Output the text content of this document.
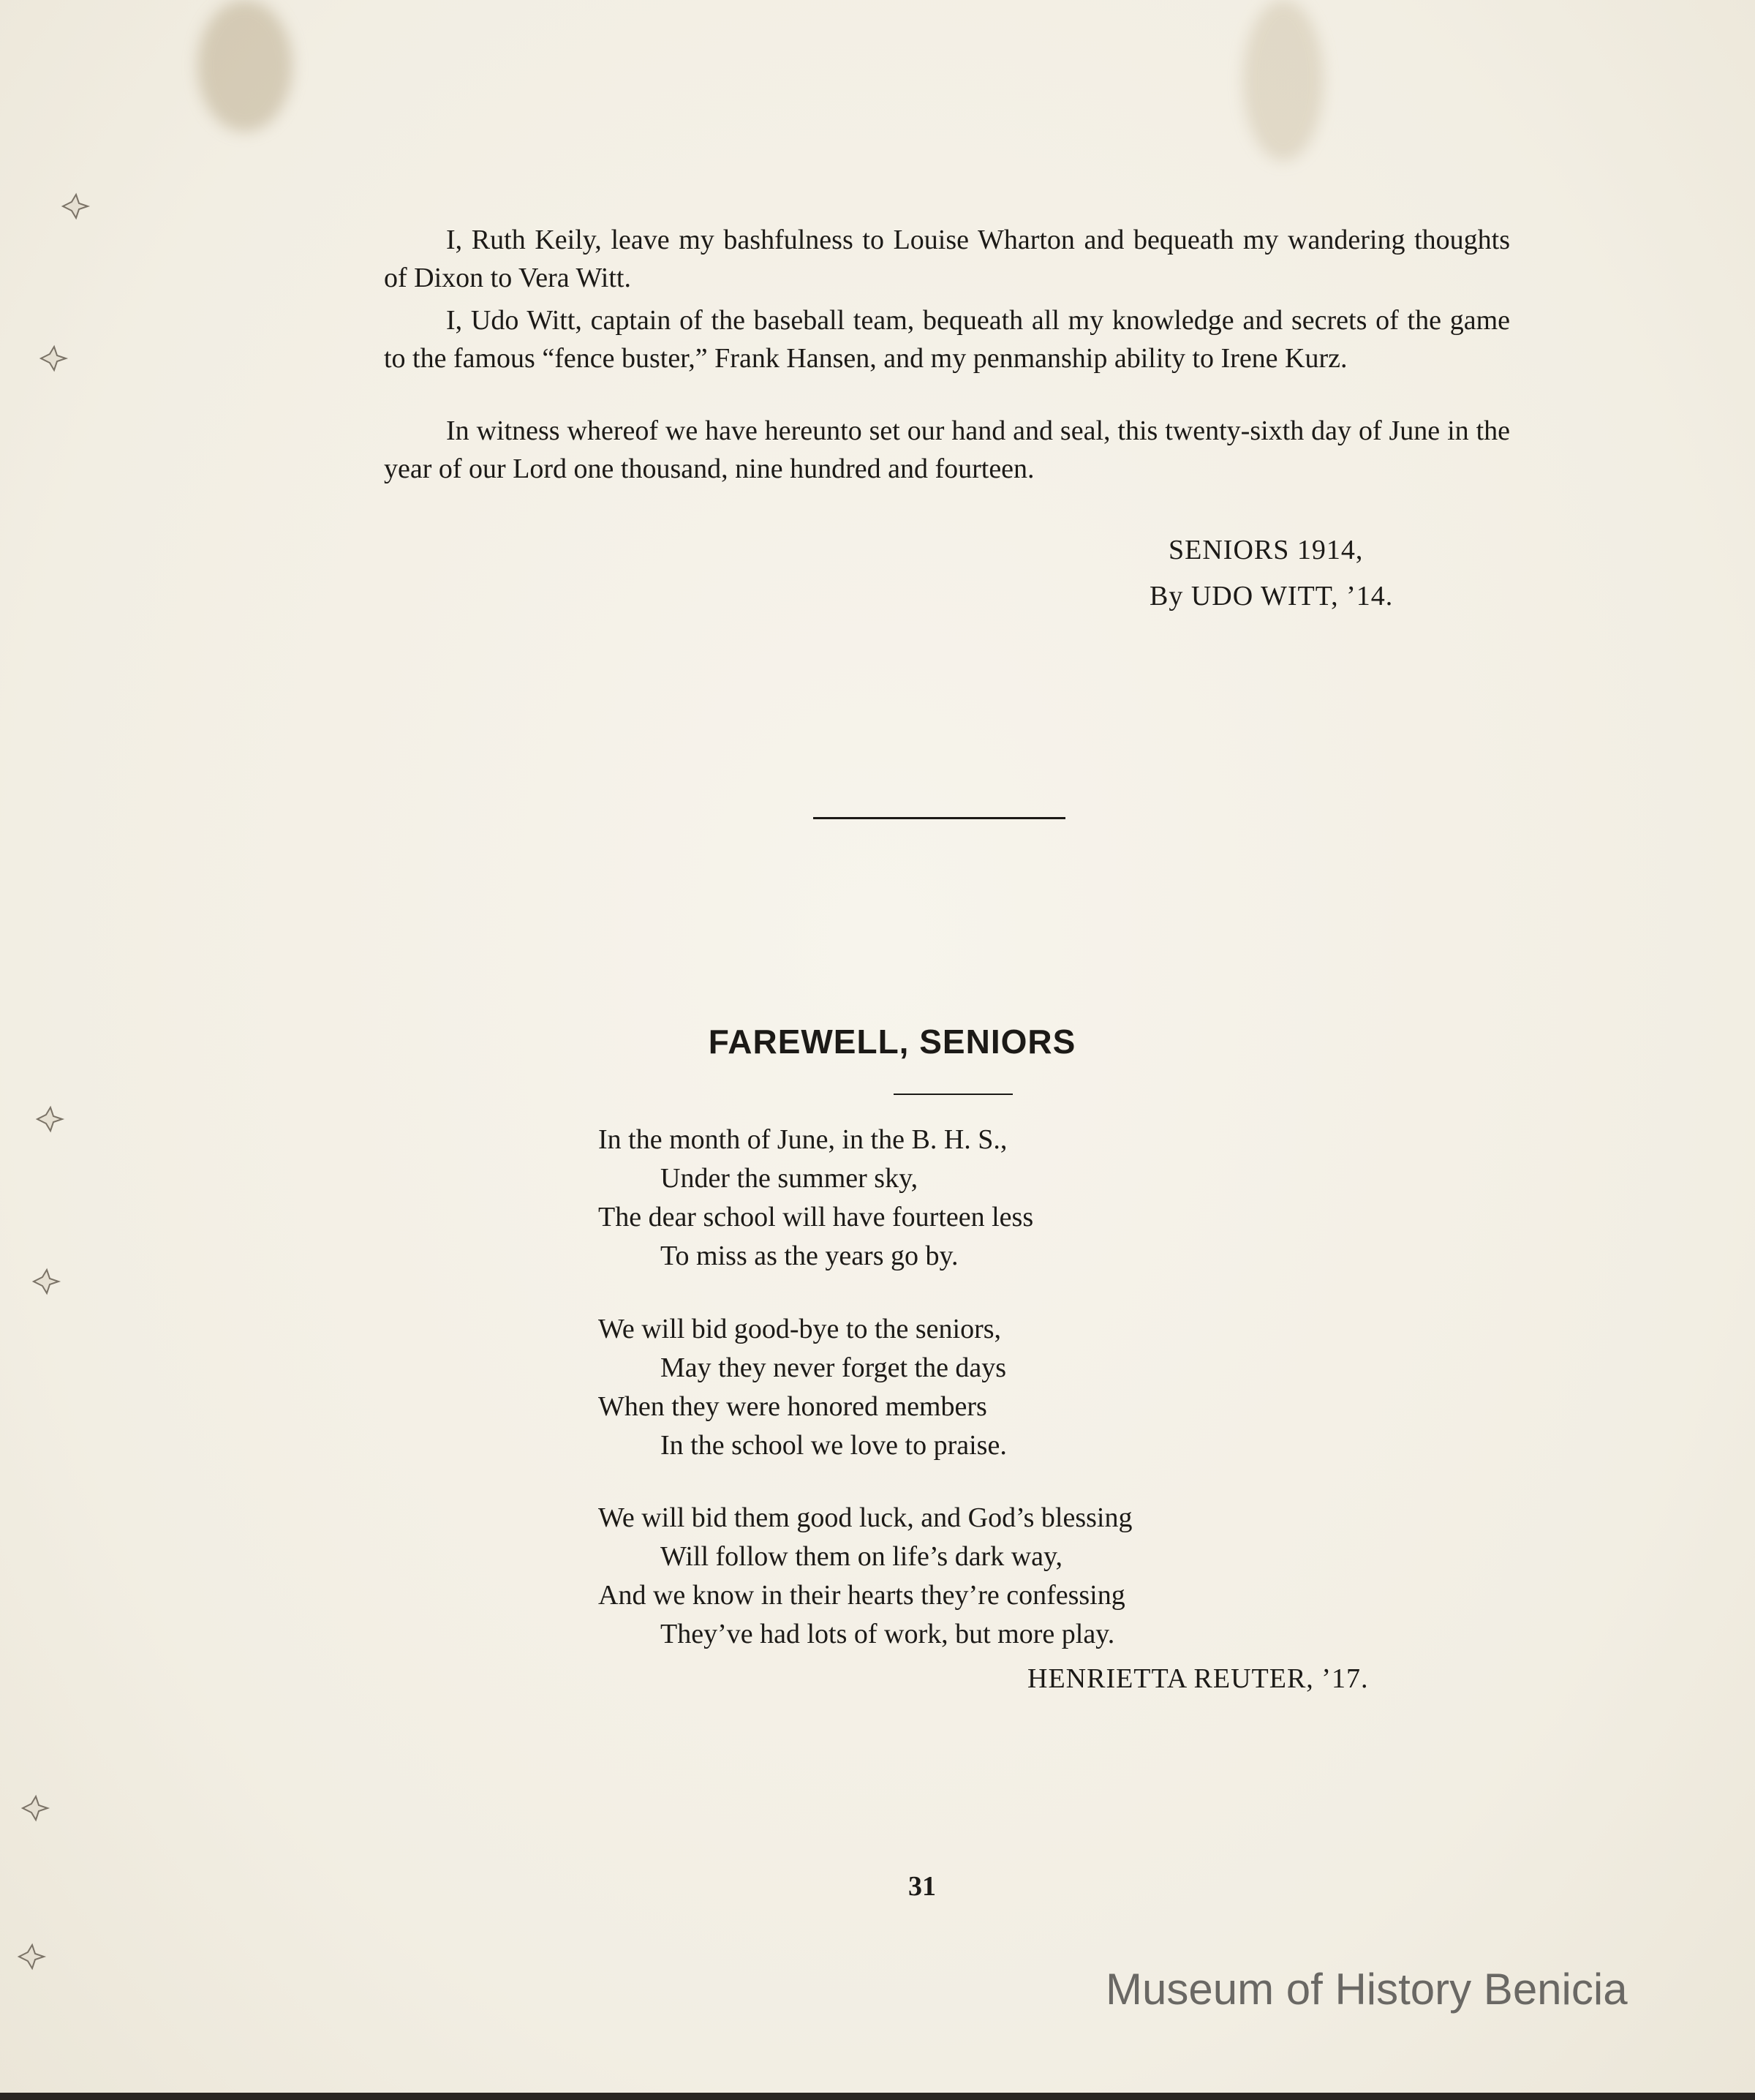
I, Ruth Keily, leave my bashfulness to Louise Wharton and bequeath my wandering thoughts of Dixon to Vera Witt.

I, Udo Witt, captain of the baseball team, bequeath all my knowledge and secrets of the game to the famous “fence buster,” Frank Hansen, and my penmanship ability to Irene Kurz.

In witness whereof we have hereunto set our hand and seal, this twenty-sixth day of June in the year of our Lord one thousand, nine hundred and fourteen.

SENIORS 1914,
By UDO WITT, ’14.
FAREWELL, SENIORS
In the month of June, in the B. H. S.,
Under the summer sky,
The dear school will have fourteen less
To miss as the years go by.
We will bid good-bye to the seniors,
May they never forget the days
When they were honored members
In the school we love to praise.
We will bid them good luck, and God’s blessing
Will follow them on life’s dark way,
And we know in their hearts they’re confessing
They’ve had lots of work, but more play.
HENRIETTA REUTER, ’17.
31
Museum of History Benicia
